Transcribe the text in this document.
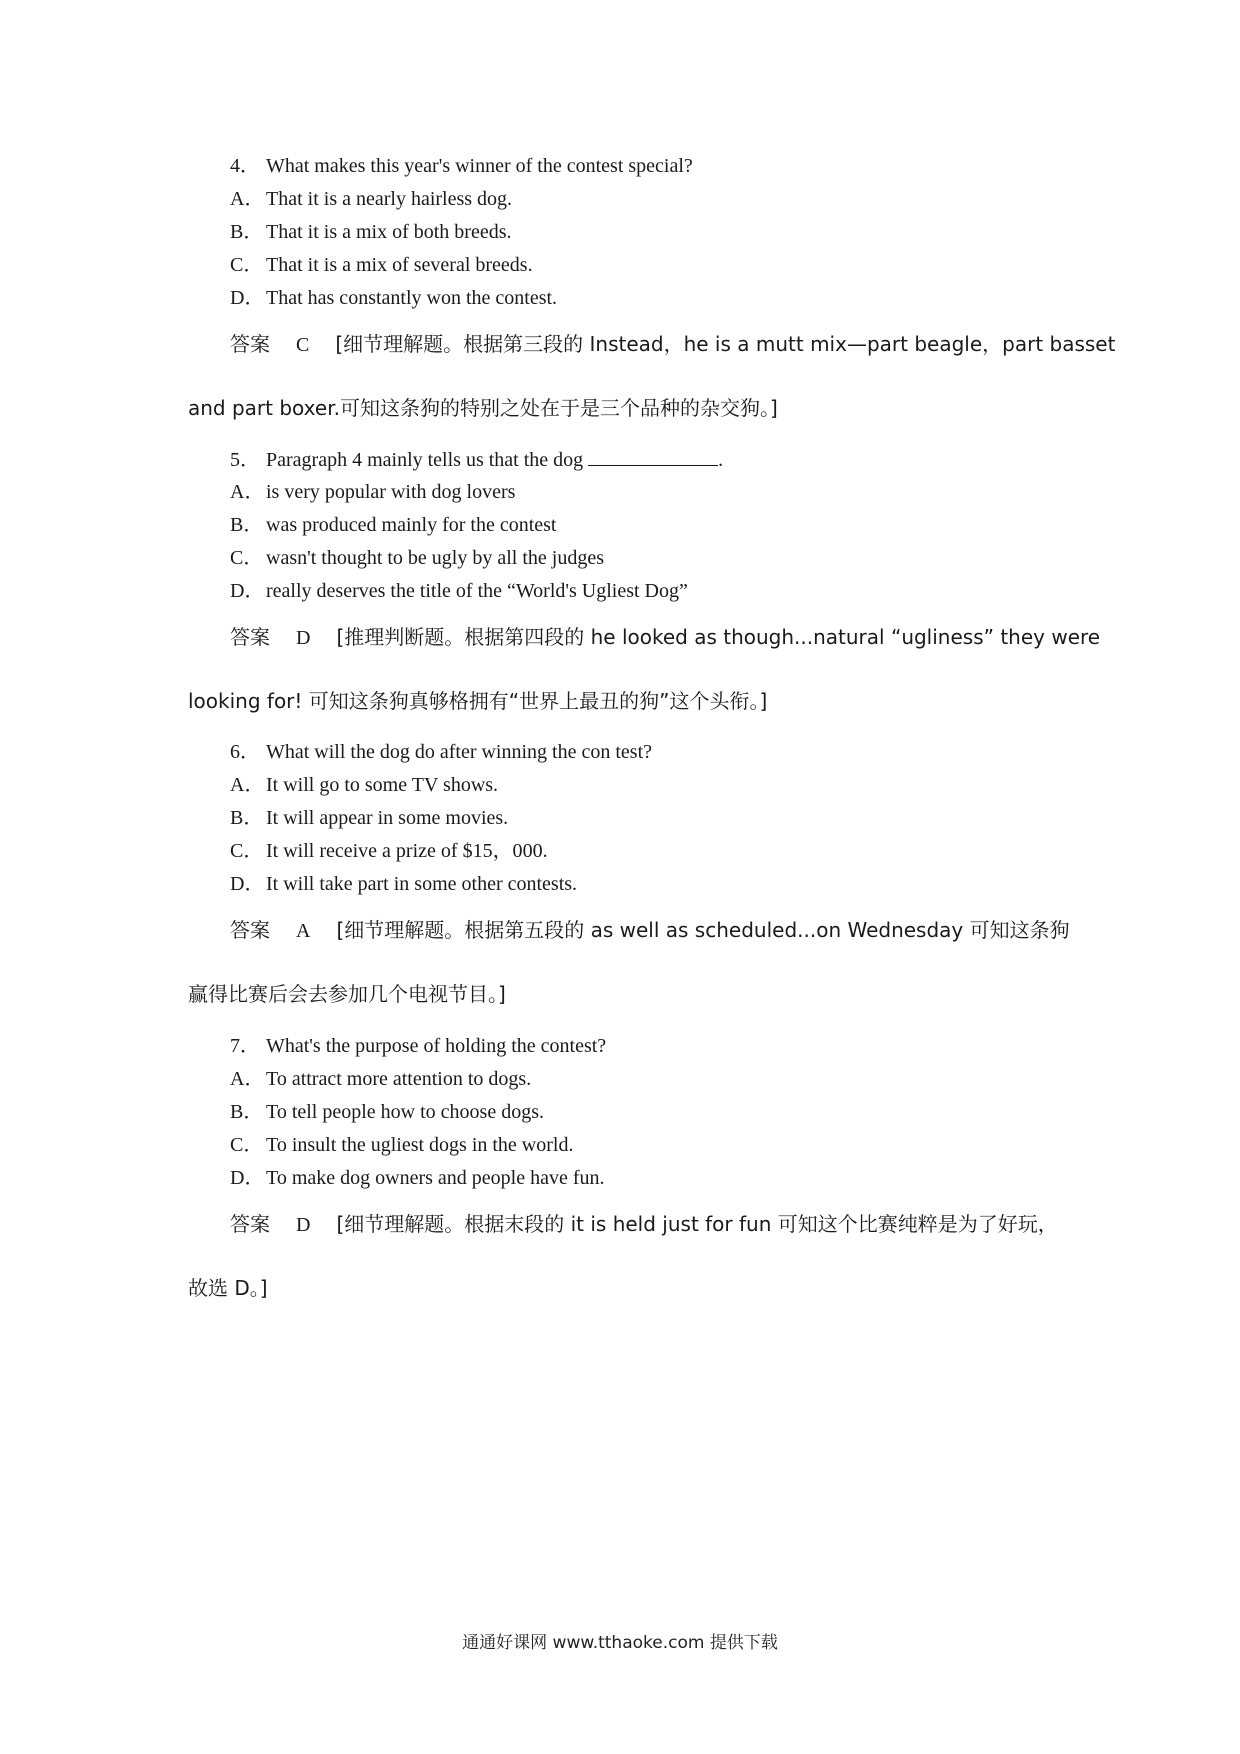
4． What makes this year's winner of the contest special?
A．That it is a nearly hairless dog.
B． That it is a mix of both breeds.
C． That it is a mix of several breeds.
D．That has constantly won the contest.
答案 C [细节理解题。根据第三段的 Instead，he is a mutt mix—part beagle，part basset
and part boxer.可知这条狗的特别之处在于是三个品种的杂交狗。]
5． Paragraph 4 mainly tells us that the dog	.
A．is very popular with dog lovers
B． was produced mainly for the contest
C． wasn't thought to be ugly by all the judges
D．really deserves the title of the “World's Ugliest Dog”
答案 D [推理判断题。根据第四段的 he looked as though...natural “ugliness” they were
looking for! 可知这条狗真够格拥有“世界上最丑的狗”这个头衔。]
6． What will the dog do after winning the con test?
A．It will go to some TV shows.
B． It will appear in some movies.
C． It will receive a prize of $15，000.
D．It will take part in some other contests.
答案 A [细节理解题。根据第五段的 as well as scheduled...on Wednesday 可知这条狗
赢得比赛后会去参加几个电视节目。]
7． What's the purpose of holding the contest?
A．To attract more attention to dogs.
B． To tell people how to choose dogs.
C． To insult the ugliest dogs in the world.
D．To make dog owners and people have fun.
答案 D [细节理解题。根据末段的 it is held just for fun 可知这个比赛纯粹是为了好玩，
故选 D。]
通通好课网 www.tthaoke.com 提供下载
